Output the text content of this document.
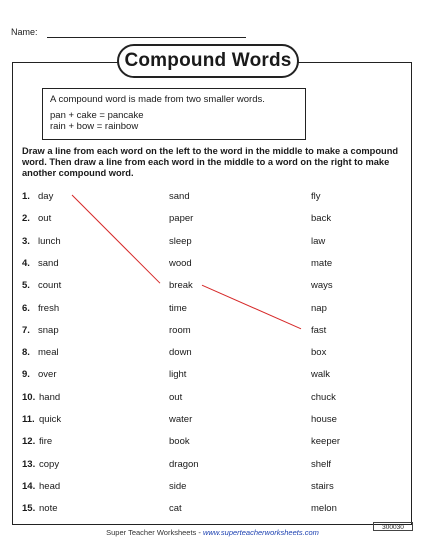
Name:
Compound Words
A compound word is made from two smaller words.
pan + cake = pancake
rain + bow = rainbow
Draw a line from each word on the left to the word in the middle to make a compound word. Then draw a line from each word in the middle to a word on the right to make another compound word.
1. day	sand	fly
2. out	paper	back
3. lunch	sleep	law
4. sand	wood	mate
5. count	break	ways
6. fresh	time	nap
7. snap	room	fast
8. meal	down	box
9. over	light	walk
10. hand	out	chuck
11. quick	water	house
12. fire	book	keeper
13. copy	dragon	shelf
14. head	side	stairs
15. note	cat	melon
Super Teacher Worksheets - www.superteacherworksheets.com
300030
